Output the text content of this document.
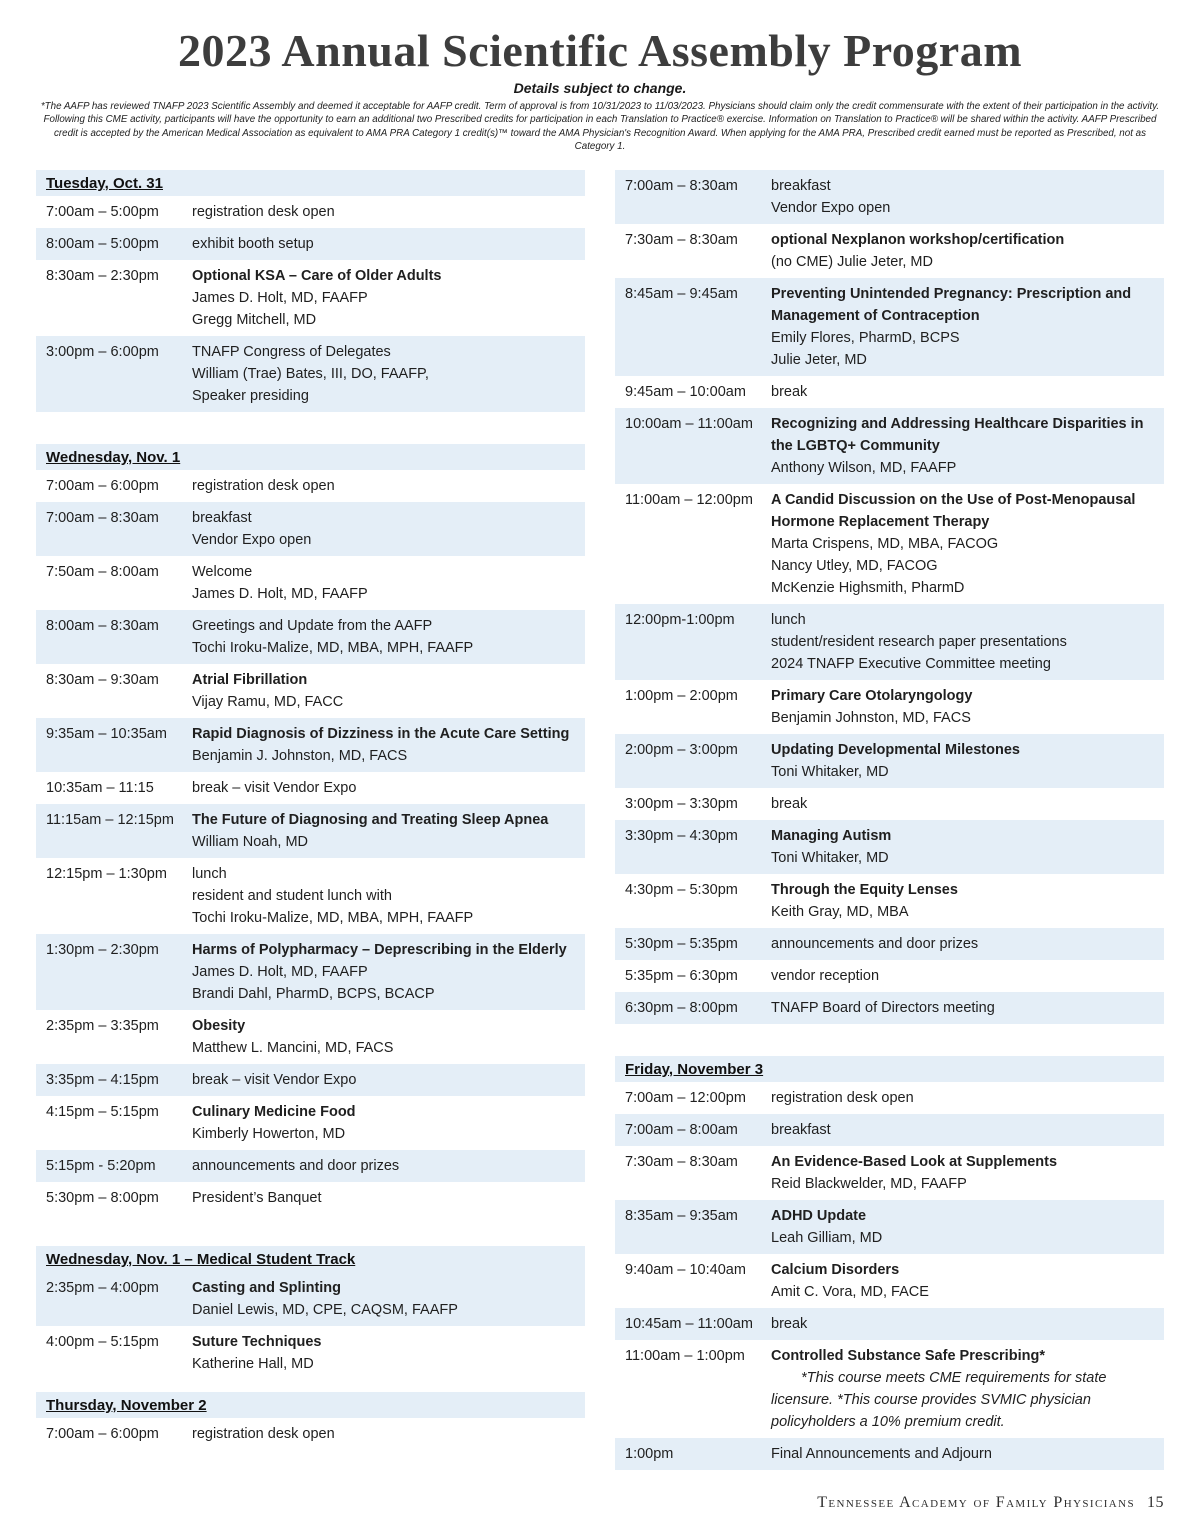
2023 Annual Scientific Assembly Program
Details subject to change.
*The AAFP has reviewed TNAFP 2023 Scientific Assembly and deemed it acceptable for AAFP credit. Term of approval is from 10/31/2023 to 11/03/2023. Physicians should claim only the credit commensurate with the extent of their participation in the activity. Following this CME activity, participants will have the opportunity to earn an additional two Prescribed credits for participation in each Translation to Practice® exercise. Information on Translation to Practice® will be shared within the activity. AAFP Prescribed credit is accepted by the American Medical Association as equivalent to AMA PRA Category 1 credit(s)™ toward the AMA Physician's Recognition Award. When applying for the AMA PRA, Prescribed credit earned must be reported as Prescribed, not as Category 1.
Tuesday, Oct. 31
7:00am – 5:00pm	registration desk open
8:00am – 5:00pm	exhibit booth setup
8:30am – 2:30pm	Optional KSA – Care of Older Adults
James D. Holt, MD, FAAFP
Gregg Mitchell, MD
3:00pm – 6:00pm	TNAFP Congress of Delegates
William (Trae) Bates, III, DO, FAAFP,
Speaker presiding
Wednesday, Nov. 1
7:00am – 6:00pm	registration desk open
7:00am – 8:30am	breakfast
Vendor Expo open
7:50am – 8:00am	Welcome
James D. Holt, MD, FAAFP
8:00am – 8:30am	Greetings and Update from the AAFP
Tochi Iroku-Malize, MD, MBA, MPH, FAAFP
8:30am – 9:30am	Atrial Fibrillation
Vijay Ramu, MD, FACC
9:35am – 10:35am	Rapid Diagnosis of Dizziness in the Acute Care Setting
Benjamin J. Johnston, MD, FACS
10:35am – 11:15	break – visit Vendor Expo
11:15am – 12:15pm	The Future of Diagnosing and Treating Sleep Apnea
William Noah, MD
12:15pm – 1:30pm	lunch
resident and student lunch with
Tochi Iroku-Malize, MD, MBA, MPH, FAAFP
1:30pm – 2:30pm	Harms of Polypharmacy – Deprescribing in the Elderly
James D. Holt, MD, FAAFP
Brandi Dahl, PharmD, BCPS, BCACP
2:35pm – 3:35pm	Obesity
Matthew L. Mancini, MD, FACS
3:35pm – 4:15pm	break – visit Vendor Expo
4:15pm – 5:15pm	Culinary Medicine Food
Kimberly Howerton, MD
5:15pm - 5:20pm	announcements and door prizes
5:30pm – 8:00pm	President’s Banquet
Wednesday, Nov. 1 – Medical Student Track
2:35pm – 4:00pm	Casting and Splinting
Daniel Lewis, MD, CPE, CAQSM, FAAFP
4:00pm – 5:15pm	Suture Techniques
Katherine Hall, MD
Thursday, November 2
7:00am – 6:00pm	registration desk open
7:00am – 8:30am	breakfast
Vendor Expo open
7:30am – 8:30am	optional Nexplanon workshop/certification
(no CME) Julie Jeter, MD
8:45am – 9:45am	Preventing Unintended Pregnancy: Prescription and Management of Contraception
Emily Flores, PharmD, BCPS
Julie Jeter, MD
9:45am – 10:00am	break
10:00am – 11:00am	Recognizing and Addressing Healthcare Disparities in the LGBTQ+ Community
Anthony Wilson, MD, FAAFP
11:00am – 12:00pm	A Candid Discussion on the Use of Post-Menopausal Hormone Replacement Therapy
Marta Crispens, MD, MBA, FACOG
Nancy Utley, MD, FACOG
McKenzie Highsmith, PharmD
12:00pm-1:00pm	lunch
student/resident research paper presentations
2024 TNAFP Executive Committee meeting
1:00pm – 2:00pm	Primary Care Otolaryngology
Benjamin Johnston, MD, FACS
2:00pm – 3:00pm	Updating Developmental Milestones
Toni Whitaker, MD
3:00pm – 3:30pm	break
3:30pm – 4:30pm	Managing Autism
Toni Whitaker, MD
4:30pm – 5:30pm	Through the Equity Lenses
Keith Gray, MD, MBA
5:30pm – 5:35pm	announcements and door prizes
5:35pm – 6:30pm	vendor reception
6:30pm – 8:00pm	TNAFP Board of Directors meeting
Friday, November 3
7:00am – 12:00pm	registration desk open
7:00am – 8:00am	breakfast
7:30am – 8:30am	An Evidence-Based Look at Supplements
Reid Blackwelder, MD, FAAFP
8:35am – 9:35am	ADHD Update
Leah Gilliam, MD
9:40am – 10:40am	Calcium Disorders
Amit C. Vora, MD, FACE
10:45am – 11:00am	break
11:00am – 1:00pm	Controlled Substance Safe Prescribing*
*This course meets CME requirements for state licensure. *This course provides SVMIC physician policyholders a 10% premium credit.
1:00pm	Final Announcements and Adjourn
Tennessee Academy of Family Physicians 15
